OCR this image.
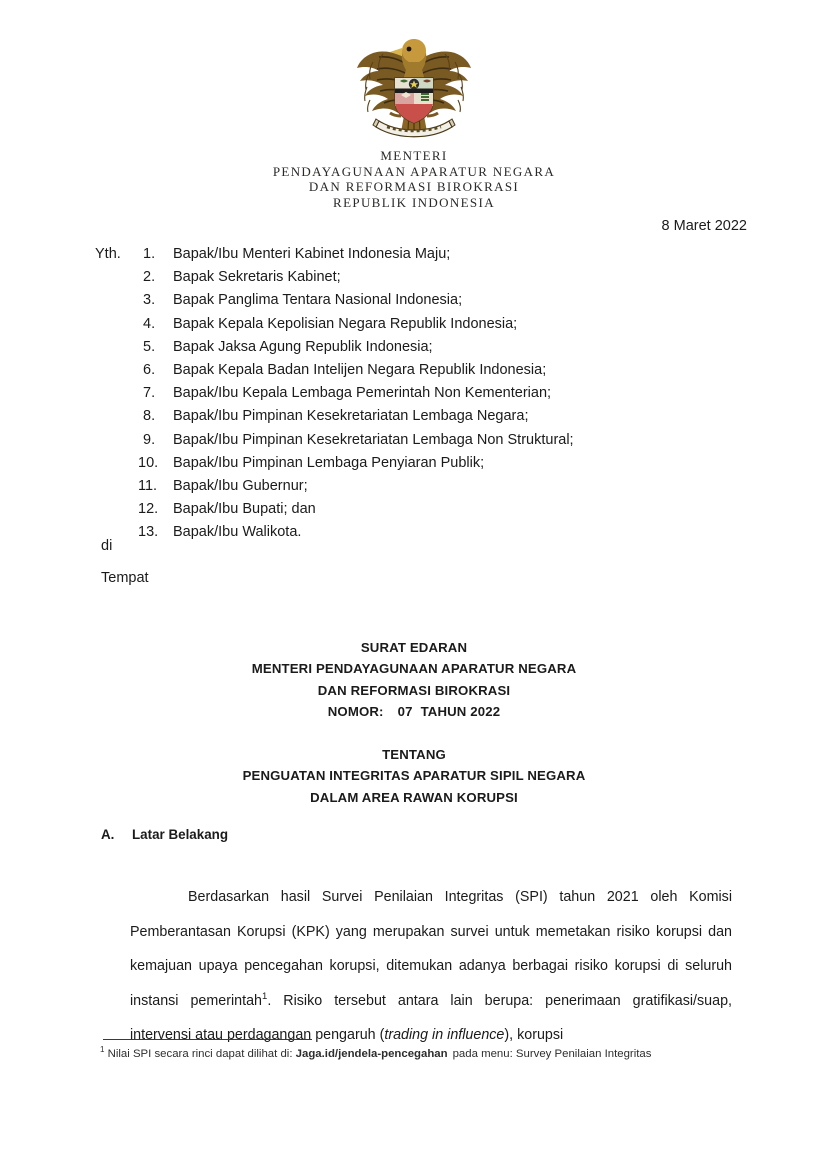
MENTERI
PENDAYAGUNAAN APARATUR NEGARA
DAN REFORMASI BIROKRASI
REPUBLIK INDONESIA
8 Maret 2022
Yth. 1.	Bapak/Ibu Menteri Kabinet Indonesia Maju;
2.	Bapak Sekretaris Kabinet;
3.	Bapak Panglima Tentara Nasional Indonesia;
4.	Bapak Kepala Kepolisian Negara Republik Indonesia;
5.	Bapak Jaksa Agung Republik Indonesia;
6.	Bapak Kepala Badan Intelijen Negara Republik Indonesia;
7.	Bapak/Ibu Kepala Lembaga Pemerintah Non Kementerian;
8.	Bapak/Ibu Pimpinan Kesekretariatan Lembaga Negara;
9.	Bapak/Ibu Pimpinan Kesekretariatan Lembaga Non Struktural;
10.	Bapak/Ibu Pimpinan Lembaga Penyiaran Publik;
11.	Bapak/Ibu Gubernur;
12.	Bapak/Ibu Bupati; dan
13.	Bapak/Ibu Walikota.
di
Tempat
SURAT EDARAN
MENTERI PENDAYAGUNAAN APARATUR NEGARA
DAN REFORMASI BIROKRASI
NOMOR: 07 TAHUN 2022
TENTANG
PENGUATAN INTEGRITAS APARATUR SIPIL NEGARA
DALAM AREA RAWAN KORUPSI
A.	Latar Belakang

Berdasarkan hasil Survei Penilaian Integritas (SPI) tahun 2021 oleh Komisi Pemberantasan Korupsi (KPK) yang merupakan survei untuk memetakan risiko korupsi dan kemajuan upaya pencegahan korupsi, ditemukan adanya berbagai risiko korupsi di seluruh instansi pemerintah$^1$. Risiko tersebut antara lain berupa: penerimaan gratifikasi/suap, intervensi atau perdagangan pengaruh (trading in influence), korupsi

$^1$ Nilai SPI secara rinci dapat dilihat di: Jaga.id/jendela-pencegahan pada menu: Survey Penilaian Integritas
